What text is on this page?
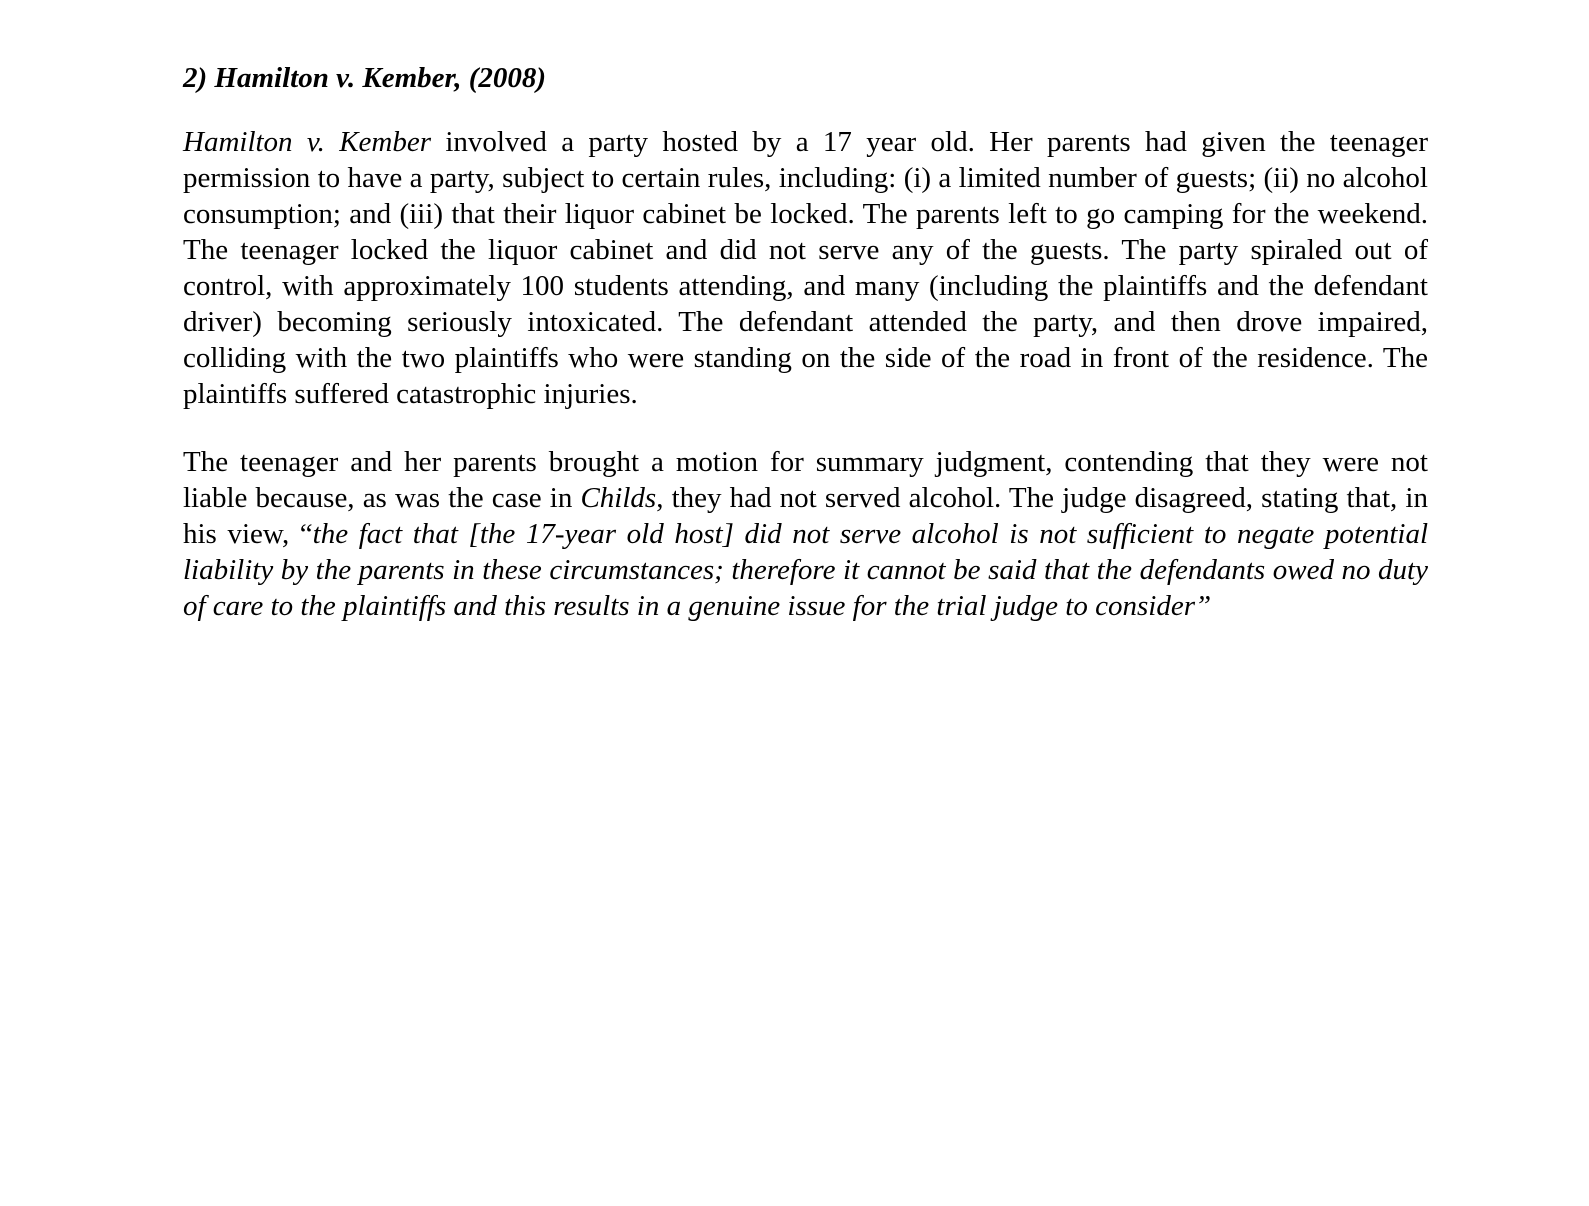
2) Hamilton v. Kember, (2008)

Hamilton v. Kember involved a party hosted by a 17 year old. Her parents had given the teenager permission to have a party, subject to certain rules, including: (i) a limited number of guests; (ii) no alcohol consumption; and (iii) that their liquor cabinet be locked. The parents left to go camping for the weekend. The teenager locked the liquor cabinet and did not serve any of the guests. The party spiraled out of control, with approximately 100 students attending, and many (including the plaintiffs and the defendant driver) becoming seriously intoxicated. The defendant attended the party, and then drove impaired, colliding with the two plaintiffs who were standing on the side of the road in front of the residence. The plaintiffs suffered catastrophic injuries.

The teenager and her parents brought a motion for summary judgment, contending that they were not liable because, as was the case in Childs, they had not served alcohol. The judge disagreed, stating that, in his view, “the fact that [the 17-year old host] did not serve alcohol is not sufficient to negate potential liability by the parents in these circumstances; therefore it cannot be said that the defendants owed no duty of care to the plaintiffs and this results in a genuine issue for the trial judge to consider”
